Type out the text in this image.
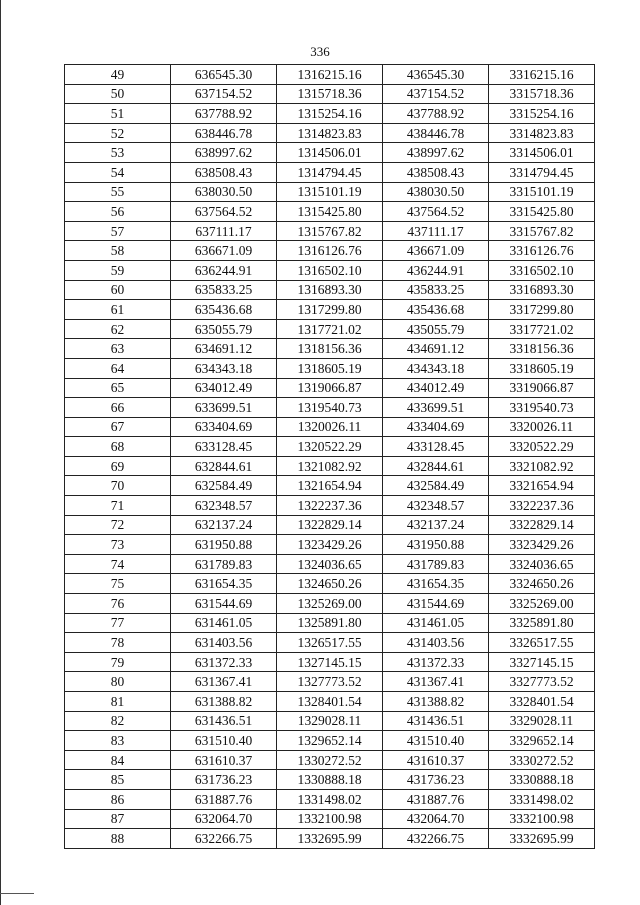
336
49	636545.30	1316215.16	436545.30	3316215.16
50	637154.52	1315718.36	437154.52	3315718.36
51	637788.92	1315254.16	437788.92	3315254.16
52	638446.78	1314823.83	438446.78	3314823.83
53	638997.62	1314506.01	438997.62	3314506.01
54	638508.43	1314794.45	438508.43	3314794.45
55	638030.50	1315101.19	438030.50	3315101.19
56	637564.52	1315425.80	437564.52	3315425.80
57	637111.17	1315767.82	437111.17	3315767.82
58	636671.09	1316126.76	436671.09	3316126.76
59	636244.91	1316502.10	436244.91	3316502.10
60	635833.25	1316893.30	435833.25	3316893.30
61	635436.68	1317299.80	435436.68	3317299.80
62	635055.79	1317721.02	435055.79	3317721.02
63	634691.12	1318156.36	434691.12	3318156.36
64	634343.18	1318605.19	434343.18	3318605.19
65	634012.49	1319066.87	434012.49	3319066.87
66	633699.51	1319540.73	433699.51	3319540.73
67	633404.69	1320026.11	433404.69	3320026.11
68	633128.45	1320522.29	433128.45	3320522.29
69	632844.61	1321082.92	432844.61	3321082.92
70	632584.49	1321654.94	432584.49	3321654.94
71	632348.57	1322237.36	432348.57	3322237.36
72	632137.24	1322829.14	432137.24	3322829.14
73	631950.88	1323429.26	431950.88	3323429.26
74	631789.83	1324036.65	431789.83	3324036.65
75	631654.35	1324650.26	431654.35	3324650.26
76	631544.69	1325269.00	431544.69	3325269.00
77	631461.05	1325891.80	431461.05	3325891.80
78	631403.56	1326517.55	431403.56	3326517.55
79	631372.33	1327145.15	431372.33	3327145.15
80	631367.41	1327773.52	431367.41	3327773.52
81	631388.82	1328401.54	431388.82	3328401.54
82	631436.51	1329028.11	431436.51	3329028.11
83	631510.40	1329652.14	431510.40	3329652.14
84	631610.37	1330272.52	431610.37	3330272.52
85	631736.23	1330888.18	431736.23	3330888.18
86	631887.76	1331498.02	431887.76	3331498.02
87	632064.70	1332100.98	432064.70	3332100.98
88	632266.75	1332695.99	432266.75	3332695.99
